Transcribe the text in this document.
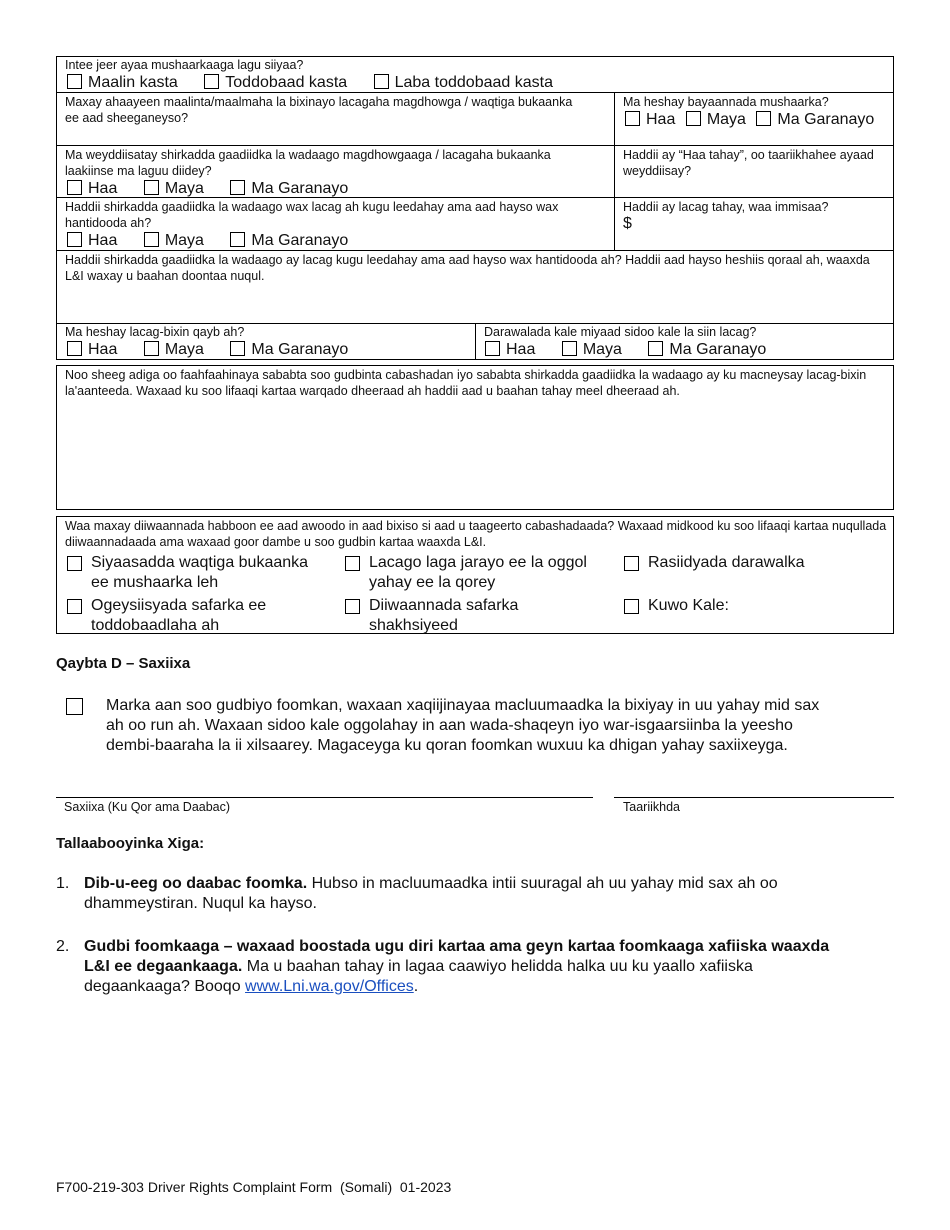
Intee jeer ayaa mushaarkaaga lagu siiyaa?
Maalin kasta	Toddobaad kasta	Laba toddobaad kasta
Maxay ahaayeen maalinta/maalmaha la bixinayo lacagaha magdhowga / waqtiga bukaanka ee aad sheeganeyso?
Ma heshay bayaannada mushaarka?
Haa Maya Ma Garanayo
Ma weyddiisatay shirkadda gaadiidka la wadaago magdhowgaaga / lacagaha bukaanka laakiinse ma laguu diidey?
Haa	Maya	Ma Garanayo
Haddii ay “Haa tahay”, oo taariikhahee ayaad weyddiisay?
Haddii shirkadda gaadiidka la wadaago wax lacag ah kugu leedahay ama aad hayso wax hantidooda ah?
Haa	Maya	Ma Garanayo
Haddii ay lacag tahay, waa immisaa?
$
Haddii shirkadda gaadiidka la wadaago ay lacag kugu leedahay ama aad hayso wax hantidooda ah? Haddii aad hayso heshiis qoraal ah, waaxda L&I waxay u baahan doontaa nuqul.
Ma heshay lacag-bixin qayb ah?
Haa	Maya	Ma Garanayo
Darawalada kale miyaad sidoo kale la siin lacag?
Haa	Maya	Ma Garanayo
Noo sheeg adiga oo faahfaahinaya sababta soo gudbinta cabashadan iyo sababta shirkadda gaadiidka la wadaago ay ku macneysay lacag-bixin la'aanteeda. Waxaad ku soo lifaaqi kartaa warqado dheeraad ah haddii aad u baahan tahay meel dheeraad ah.
Waa maxay diiwaannada habboon ee aad awoodo in aad bixiso si aad u taageerto cabashadaada? Waxaad midkood ku soo lifaaqi kartaa nuqullada diiwaannadaada ama waxaad goor dambe u soo gudbin kartaa waaxda L&I.
Siyaasadda waqtiga bukaanka
ee mushaarka leh
Lacago laga jarayo ee la oggol
yahay ee la qorey
Rasiidyada darawalka
Ogeysiisyada safarka ee
toddobaadlaha ah
Diiwaannada safarka
shakhsiyeed
Kuwo Kale:
Qaybta D – Saxiixa
Marka aan soo gudbiyo foomkan, waxaan xaqiijinayaa macluumaadka la bixiyay in uu yahay mid sax
ah oo run ah. Waxaan sidoo kale oggolahay in aan wada-shaqeyn iyo war-isgaarsiinba la yeesho
dembi-baaraha la ii xilsaarey. Magaceyga ku qoran foomkan wuxuu ka dhigan yahay saxiixeyga.
Saxiixa (Ku Qor ama Daabac)	Taariikhda
Tallaabooyinka Xiga:
1. Dib-u-eeg oo daabac foomka. Hubso in macluumaadka intii suuragal ah uu yahay mid sax ah oo
dhammeystiran. Nuqul ka hayso.
2. Gudbi foomkaaga – waxaad boostada ugu diri kartaa ama geyn kartaa foomkaaga xafiiska waaxda
L&I ee degaankaaga. Ma u baahan tahay in lagaa caawiyo helidda halka uu ku yaallo xafiiska
degaankaaga? Booqo www.Lni.wa.gov/Offices.
F700-219-303 Driver Rights Complaint Form  (Somali)  01-2023
